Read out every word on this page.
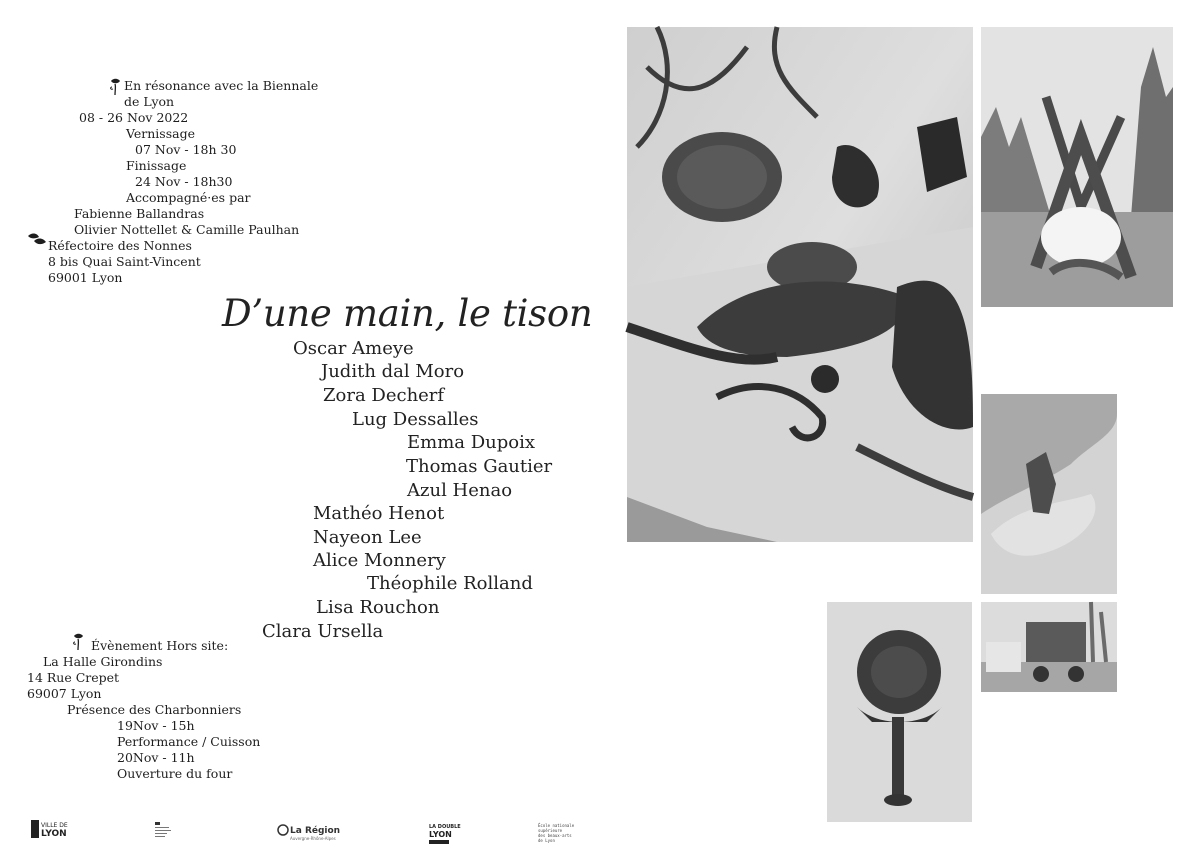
En résonance avec la Biennale
de Lyon
08 - 26 Nov 2022
Vernissage
07 Nov - 18h 30
Finissage
24 Nov - 18h30
Accompagné·es par
Fabienne Ballandras
Olivier Nottellet & Camille Paulhan
Réfectoire des Nonnes
8 bis Quai Saint-Vincent
69001 Lyon
D’une main, le tison
Oscar Ameye
Judith dal Moro
Zora Decherf
Lug Dessalles
Emma Dupoix
Thomas Gautier
Azul Henao
Mathéo Henot
Nayeon Lee
Alice Monnery
Théophile Rolland
Lisa Rouchon
Clara Ursella
Évènement Hors site:
La Halle Girondins
14 Rue Crepet
69007 Lyon
Présence des Charbonniers
19Nov - 15h
Performance / Cuisson
20Nov - 11h
Ouverture du four
VILLE DE
LYON	La Région
Auvergne-Rhône-Alpes
LA DOUBLE
LYON
École nationale
supérieure
des beaux-arts
de Lyon
